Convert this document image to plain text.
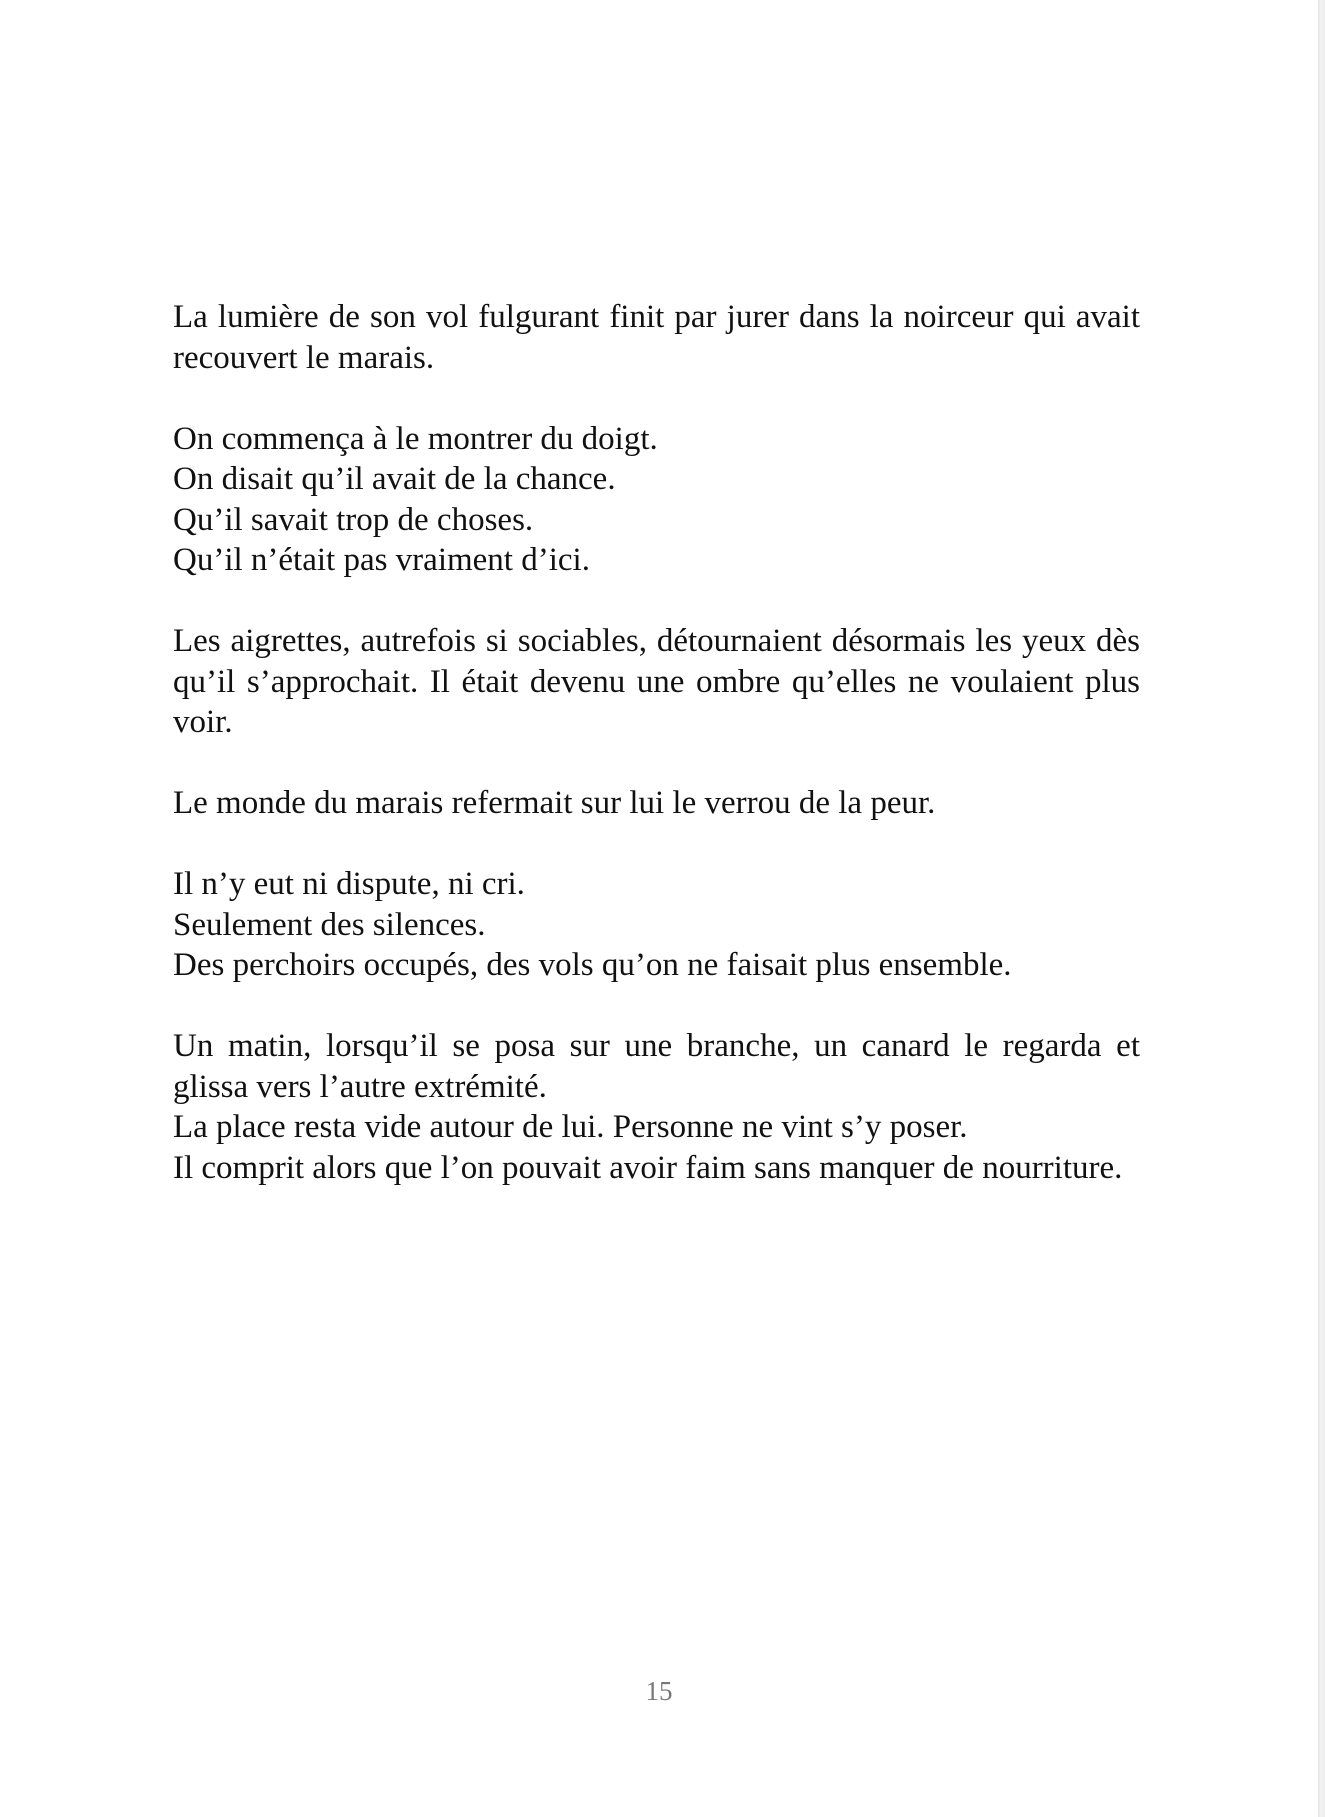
La lumière de son vol fulgurant finit par jurer dans la noirceur qui avait recouvert le marais.

On commença à le montrer du doigt.
On disait qu’il avait de la chance.
Qu’il savait trop de choses.
Qu’il n’était pas vraiment d’ici.

Les aigrettes, autrefois si sociables, détournaient désormais les yeux dès qu’il s’approchait. Il était devenu une ombre qu’elles ne voulaient plus voir.

Le monde du marais refermait sur lui le verrou de la peur.

Il n’y eut ni dispute, ni cri.
Seulement des silences.
Des perchoirs occupés, des vols qu’on ne faisait plus ensemble.

Un matin, lorsqu’il se posa sur une branche, un canard le regarda et glissa vers l’autre extrémité.
La place resta vide autour de lui. Personne ne vint s’y poser.
Il comprit alors que l’on pouvait avoir faim sans manquer de nourriture.

15
